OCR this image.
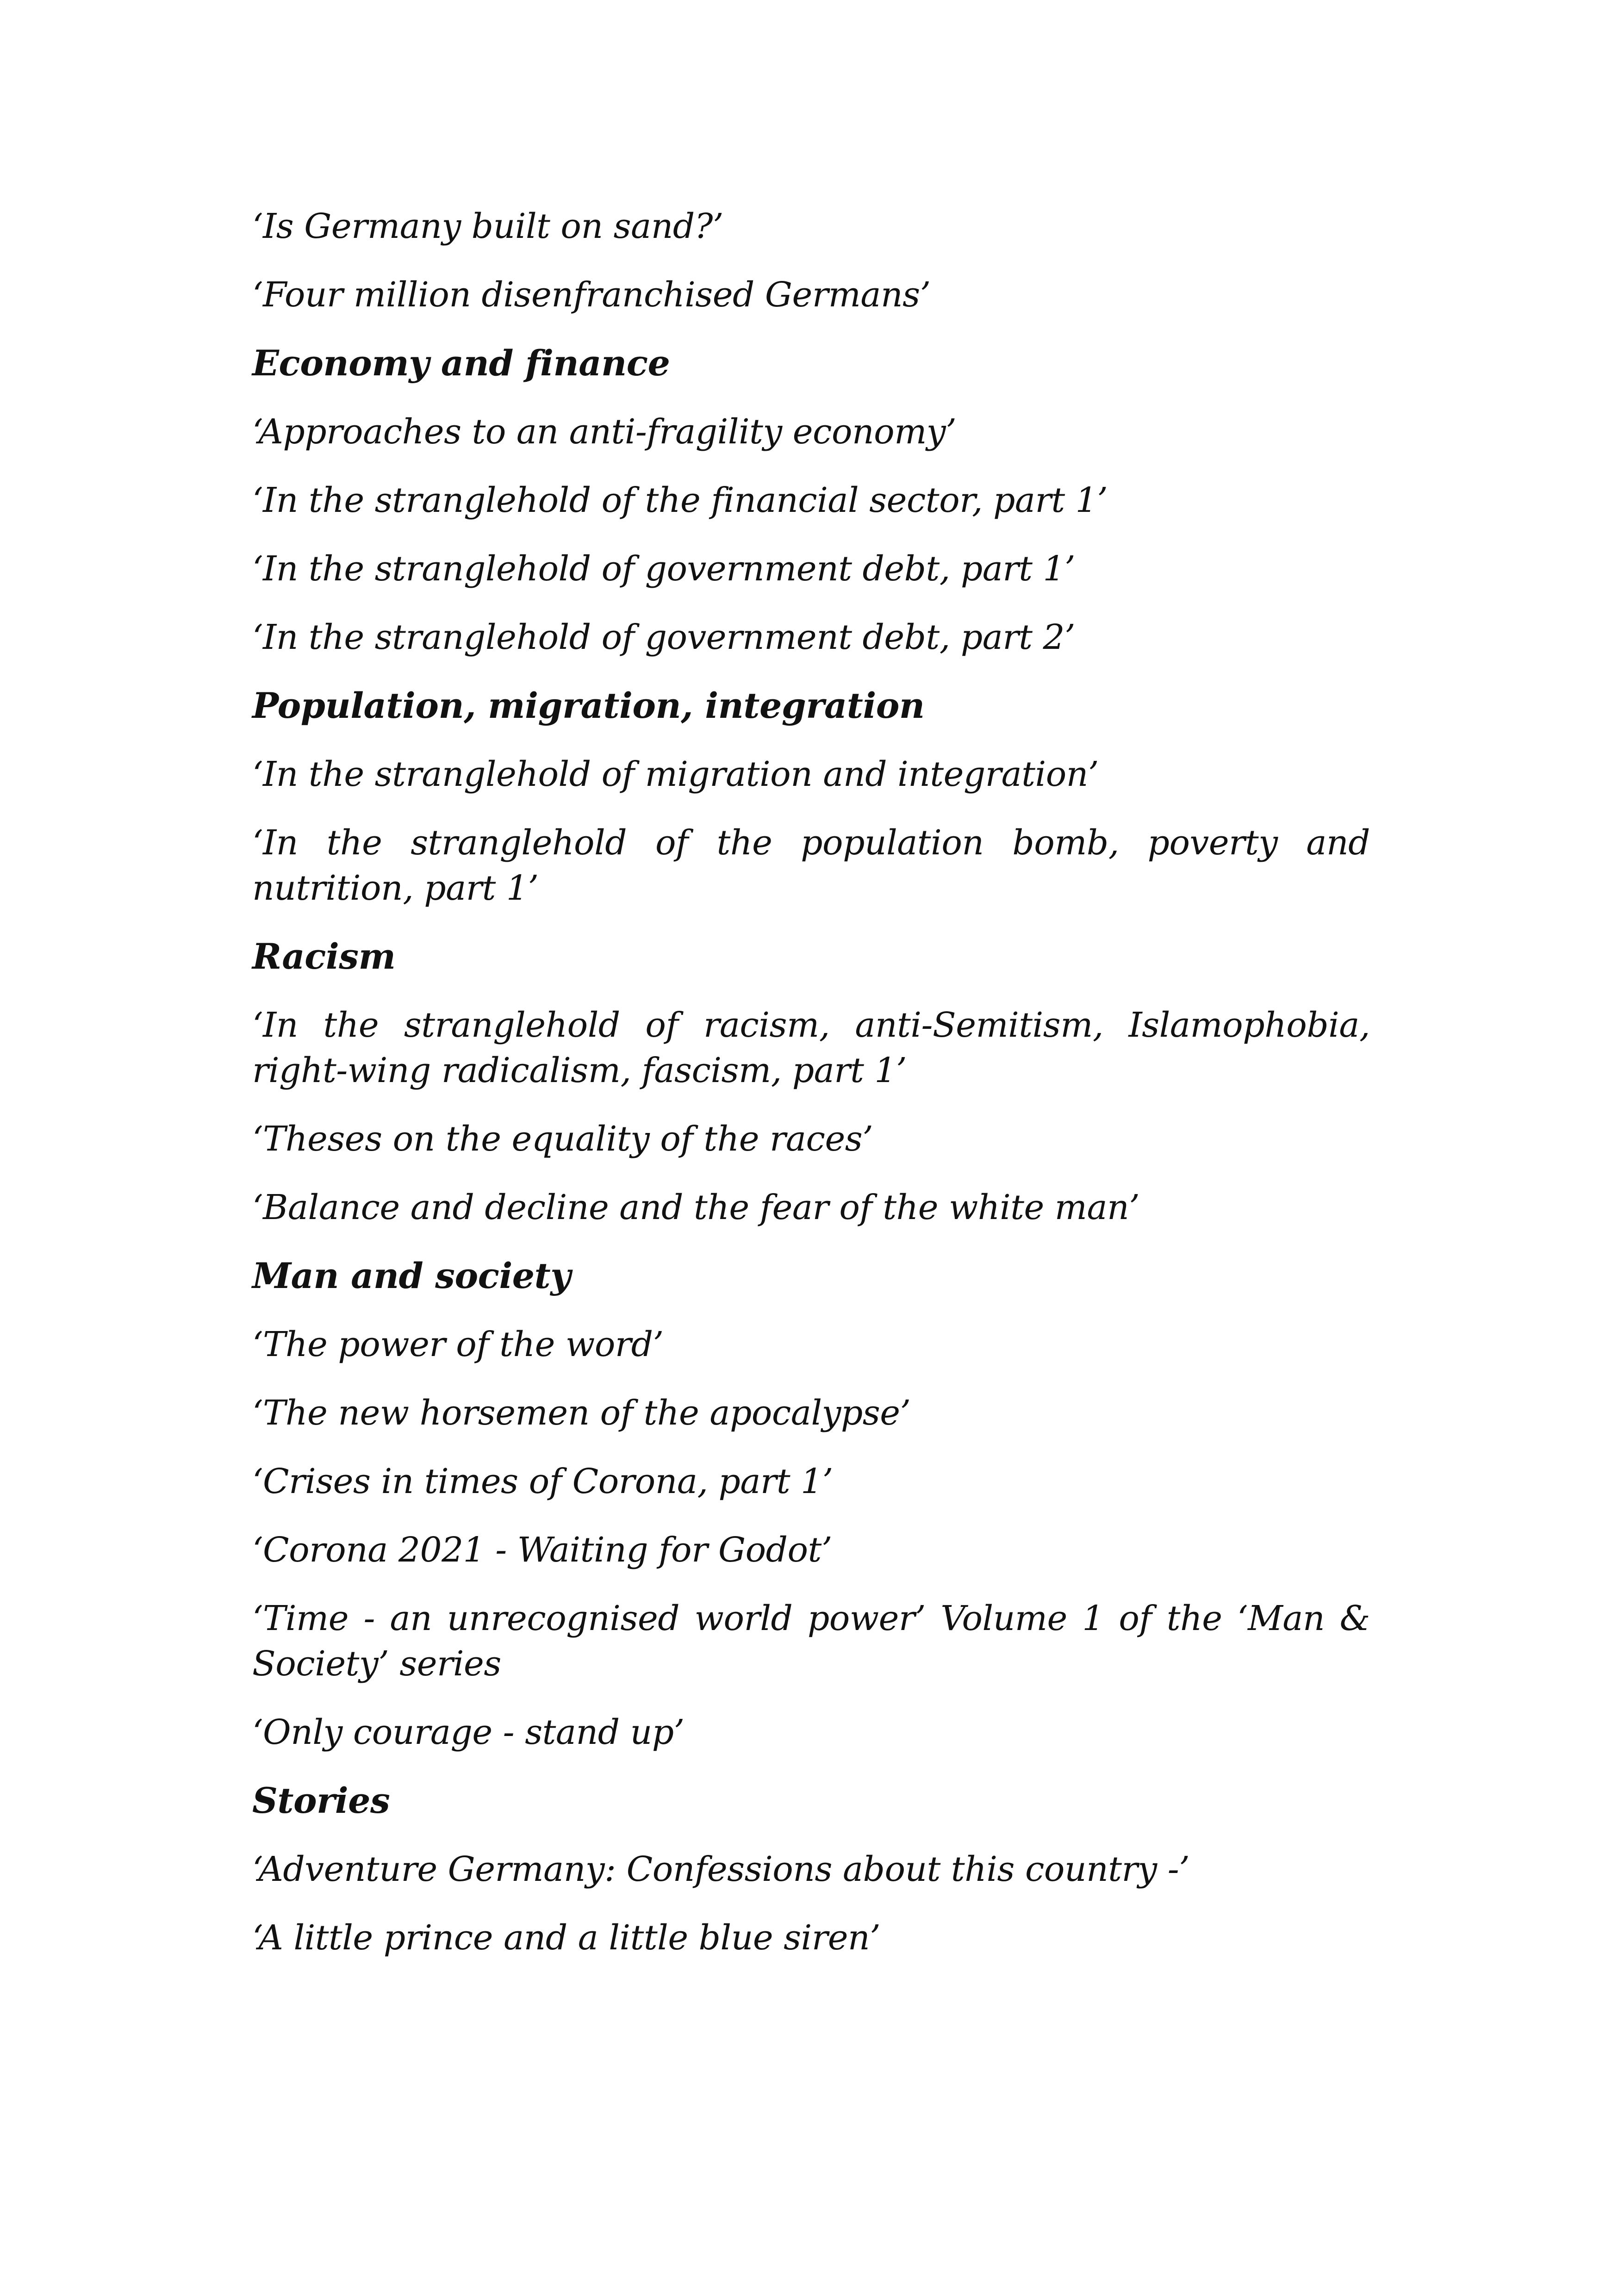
‘Is Germany built on sand?’

‘Four million disenfranchised Germans’

Economy and finance

‘Approaches to an anti-fragility economy’

‘In the stranglehold of the financial sector, part 1’

‘In the stranglehold of government debt, part 1’

‘In the stranglehold of government debt, part 2’

Population, migration, integration

‘In the stranglehold of migration and integration’

‘In the stranglehold of the population bomb, poverty and nutrition, part 1’

Racism

‘In the stranglehold of racism, anti-Semitism, Islamophobia, right-wing radicalism, fascism, part 1’

‘Theses on the equality of the races’

‘Balance and decline and the fear of the white man’

Man and society

‘The power of the word’

‘The new horsemen of the apocalypse’

‘Crises in times of Corona, part 1’

‘Corona 2021 - Waiting for Godot’

‘Time - an unrecognised world power’ Volume 1 of the ‘Man & Society’ series

‘Only courage - stand up’

Stories

‘Adventure Germany: Confessions about this country -’

‘A little prince and a little blue siren’
